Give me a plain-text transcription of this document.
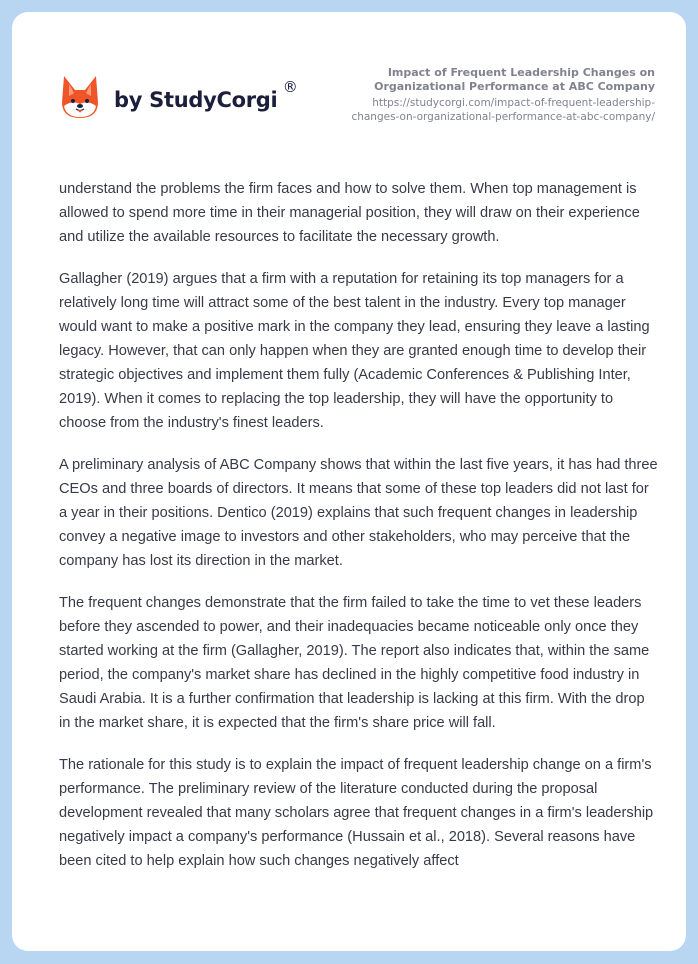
by StudyCorgi
®
Impact of Frequent Leadership Changes on
Organizational Performance at ABC Company
https://studycorgi.com/impact-of-frequent-leadership-
changes-on-organizational-performance-at-abc-company/

understand the problems the firm faces and how to solve them. When top management is allowed to spend more time in their managerial position, they will draw on their experience and utilize the available resources to facilitate the necessary growth.

Gallagher (2019) argues that a firm with a reputation for retaining its top managers for a relatively long time will attract some of the best talent in the industry. Every top manager would want to make a positive mark in the company they lead, ensuring they leave a lasting legacy. However, that can only happen when they are granted enough time to develop their strategic objectives and implement them fully (Academic Conferences & Publishing Inter, 2019). When it comes to replacing the top leadership, they will have the opportunity to choose from the industry's finest leaders.

A preliminary analysis of ABC Company shows that within the last five years, it has had three CEOs and three boards of directors. It means that some of these top leaders did not last for a year in their positions. Dentico (2019) explains that such frequent changes in leadership convey a negative image to investors and other stakeholders, who may perceive that the company has lost its direction in the market.

The frequent changes demonstrate that the firm failed to take the time to vet these leaders before they ascended to power, and their inadequacies became noticeable only once they started working at the firm (Gallagher, 2019). The report also indicates that, within the same period, the company's market share has declined in the highly competitive food industry in Saudi Arabia. It is a further confirmation that leadership is lacking at this firm. With the drop in the market share, it is expected that the firm's share price will fall.

The rationale for this study is to explain the impact of frequent leadership change on a firm's performance. The preliminary review of the literature conducted during the proposal development revealed that many scholars agree that frequent changes in a firm's leadership negatively impact a company's performance (Hussain et al., 2018). Several reasons have been cited to help explain how such changes negatively affect
